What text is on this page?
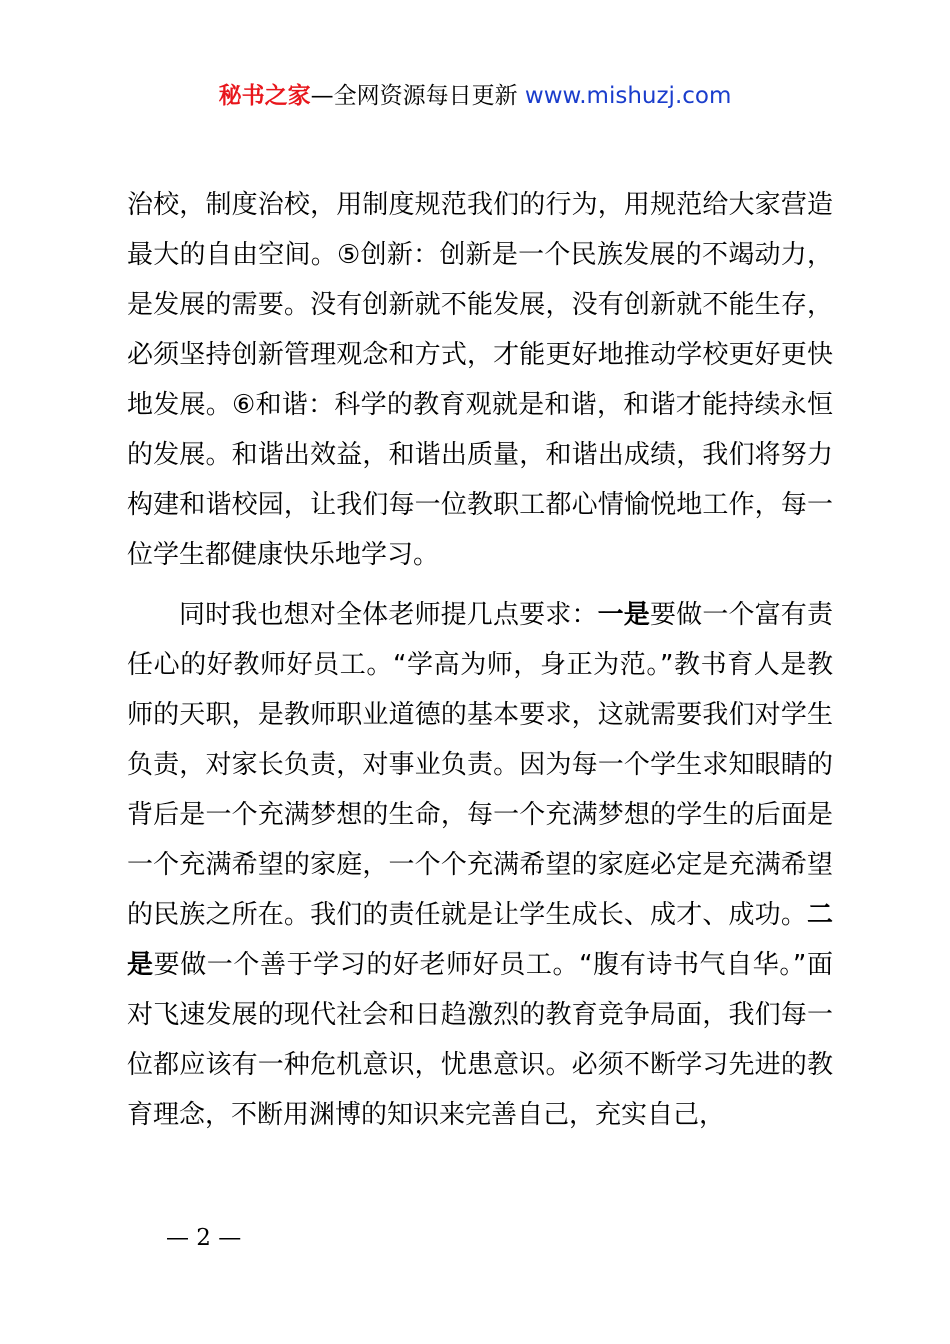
秘书之家—全网资源每日更新 www.mishuzj.com

治校，制度治校，用制度规范我们的行为，用规范给大家营造最大的自由空间。⑤创新：创新是一个民族发展的不竭动力，是发展的需要。没有创新就不能发展，没有创新就不能生存，必须坚持创新管理观念和方式，才能更好地推动学校更好更快地发展。⑥和谐：科学的教育观就是和谐，和谐才能持续永恒的发展。和谐出效益，和谐出质量，和谐出成绩，我们将努力构建和谐校园，让我们每一位教职工都心情愉悦地工作，每一位学生都健康快乐地学习。

同时我也想对全体老师提几点要求：一是要做一个富有责任心的好教师好员工。“学高为师，身正为范。”教书育人是教师的天职，是教师职业道德的基本要求，这就需要我们对学生负责，对家长负责，对事业负责。因为每一个学生求知眼睛的背后是一个充满梦想的生命，每一个充满梦想的学生的后面是一个充满希望的家庭，一个个充满希望的家庭必定是充满希望的民族之所在。我们的责任就是让学生成长、成才、成功。二是要做一个善于学习的好老师好员工。“腹有诗书气自华。”面对飞速发展的现代社会和日趋激烈的教育竞争局面，我们每一位都应该有一种危机意识，忧患意识。必须不断学习先进的教育理念，不断用渊博的知识来完善自己，充实自己，

— 2 —
